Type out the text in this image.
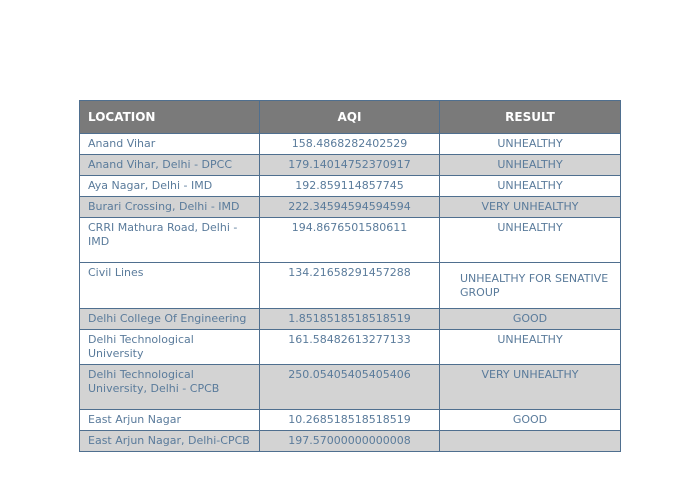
LOCATION	AQI	RESULT
Anand Vihar	158.4868282402529	UNHEALTHY
Anand Vihar, Delhi - DPCC	179.14014752370917	UNHEALTHY
Aya Nagar, Delhi - IMD	192.859114857745	UNHEALTHY
Burari Crossing, Delhi - IMD	222.34594594594594	VERY UNHEALTHY
CRRI Mathura Road, Delhi - IMD	194.8676501580611	UNHEALTHY
Civil Lines	134.21658291457288	UNHEALTHY FOR SENATIVE GROUP
Delhi College Of Engineering	1.8518518518518519	GOOD
Delhi Technological University	161.58482613277133	UNHEALTHY
Delhi Technological University, Delhi - CPCB	250.05405405405406	VERY UNHEALTHY
East Arjun Nagar	10.268518518518519	GOOD
East Arjun Nagar, Delhi-CPCB	197.57000000000008	
